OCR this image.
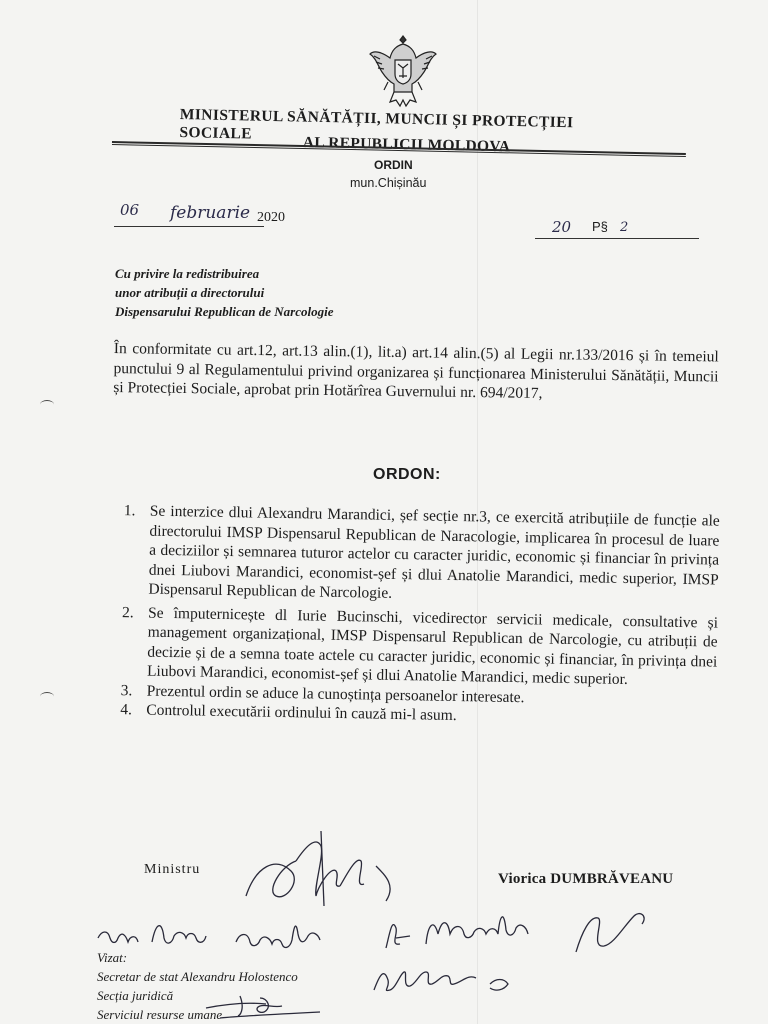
MINISTERUL SĂNĂTĂȚII, MUNCII ȘI PROTECȚIEI SOCIALE
AL REPUBLICII MOLDOVA
ORDIN
mun.Chișinău
06 februarie 2020
20 P§ 2
Cu privire la redistribuirea
unor atribuții a directorului
Dispensarului Republican de Narcologie
În conformitate cu art.12, art.13 alin.(1), lit.a) art.14 alin.(5) al Legii nr.133/2016 și în temeiul punctului 9 al Regulamentului privind organizarea și funcționarea Ministerului Sănătății, Muncii și Protecției Sociale, aprobat prin Hotărîrea Guvernului nr. 694/2017,
ORDON:
1. Se interzice dlui Alexandru Marandici, șef secție nr.3, ce exercită atribuțiile de funcție ale directorului IMSP Dispensarul Republican de Naracologie, implicarea în procesul de luare a deciziilor și semnarea tuturor actelor cu caracter juridic, economic și financiar în privința dnei Liubovi Marandici, economist-șef și dlui Anatolie Marandici, medic superior, IMSP Dispensarul Republican de Narcologie.
2. Se împuternicește dl Iurie Bucinschi, vicedirector servicii medicale, consultative și management organizațional, IMSP Dispensarul Republican de Narcologie, cu atribuții de decizie și de a semna toate actele cu caracter juridic, economic și financiar, în privința dnei Liubovi Marandici, economist-șef și dlui Anatolie Marandici, medic superior.
3. Prezentul ordin se aduce la cunoștința persoanelor interesate.
4. Controlul executării ordinului în cauză mi-l asum.
Ministru
Viorica DUMBRĂVEANU
Vizat:
Secretar de stat Alexandru Holostenco
Secția juridică
Serviciul resurse umane
